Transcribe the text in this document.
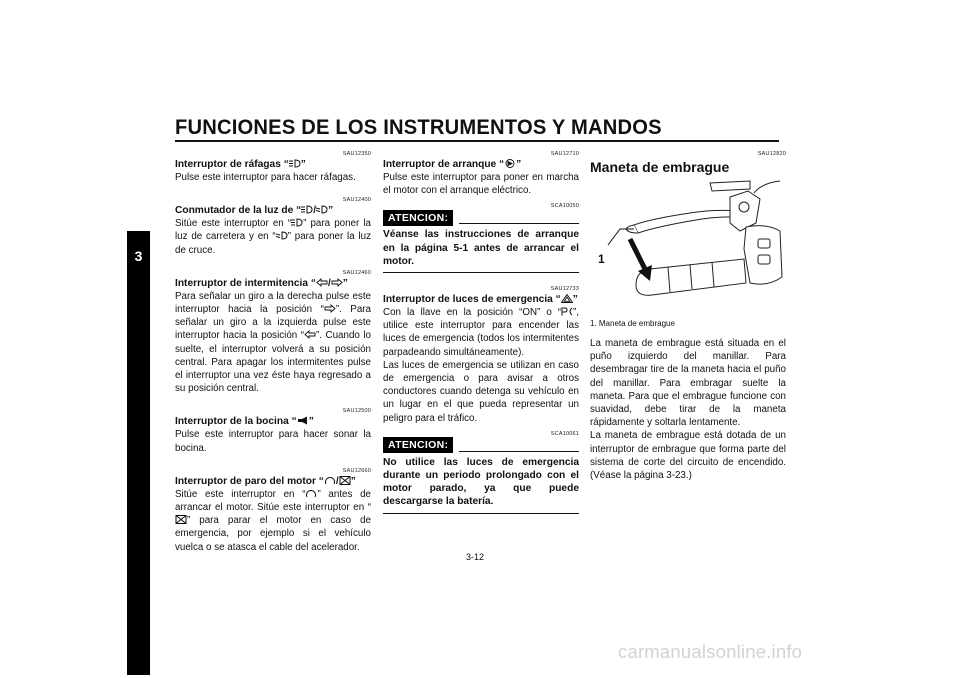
FUNCIONES DE LOS INSTRUMENTOS Y MANDOS
3
SAU12350

Interruptor de ráfagas “ ”

Pulse este interruptor para hacer ráfagas.

SAU12400

Conmutador de la luz de “ / ”

Sitúe este interruptor en “ ” para poner la luz de carretera y en “ ” para poner la luz de cruce.

SAU12460

Interruptor de intermitencia “ / ”

Para señalar un giro a la derecha pulse este interruptor hacia la posición “ ”. Para señalar un giro a la izquierda pulse este interruptor hacia la posición “ ”. Cuando lo suelte, el interruptor volverá a su posición central. Para apagar los intermitentes pulse el interruptor una vez éste haya regresado a su posición central.

SAU12500

Interruptor de la bocina “ ”

Pulse este interruptor para hacer sonar la bocina.

SAU12660

Interruptor de paro del motor “ / ”

Sitúe este interruptor en “ ” antes de arrancar el motor. Sitúe este interruptor en “
” para parar el motor en caso de emergencia, por ejemplo si el vehículo vuelca o se atasca el cable del acelerador.

SAU12710

Interruptor de arranque “ ”

Pulse este interruptor para poner en marcha el motor con el arranque eléctrico.

SCA10050
ATENCION:

Véanse las instrucciones de arranque en la página 5-1 antes de arrancar el motor.

SAU12733

Interruptor de luces de emergencia “ ”

Con la llave en la posición “ON” o “ ”, utilice este interruptor para encender las luces de emergencia (todos los intermitentes parpadeando simultáneamente).

Las luces de emergencia se utilizan en caso de emergencia o para avisar a otros conductores cuando detenga su vehículo en un lugar en el que pueda representar un peligro para el tráfico.

SCA10061
ATENCION:

No utilice las luces de emergencia durante un periodo prolongado con el motor parado, ya que puede descargarse la batería.

SAU12820

Maneta de embrague

1
1. Maneta de embrague

La maneta de embrague está situada en el puño izquierdo del manillar. Para desembragar tire de la maneta hacia el puño del manillar. Para embragar suelte la maneta. Para que el embrague funcione con suavidad, debe tirar de la maneta rápidamente y soltarla lentamente.

La maneta de embrague está dotada de un interruptor de embrague que forma parte del sistema de corte del circuito de encendido. (Véase la página 3-23.)

3-12
carmanualsonline.info
